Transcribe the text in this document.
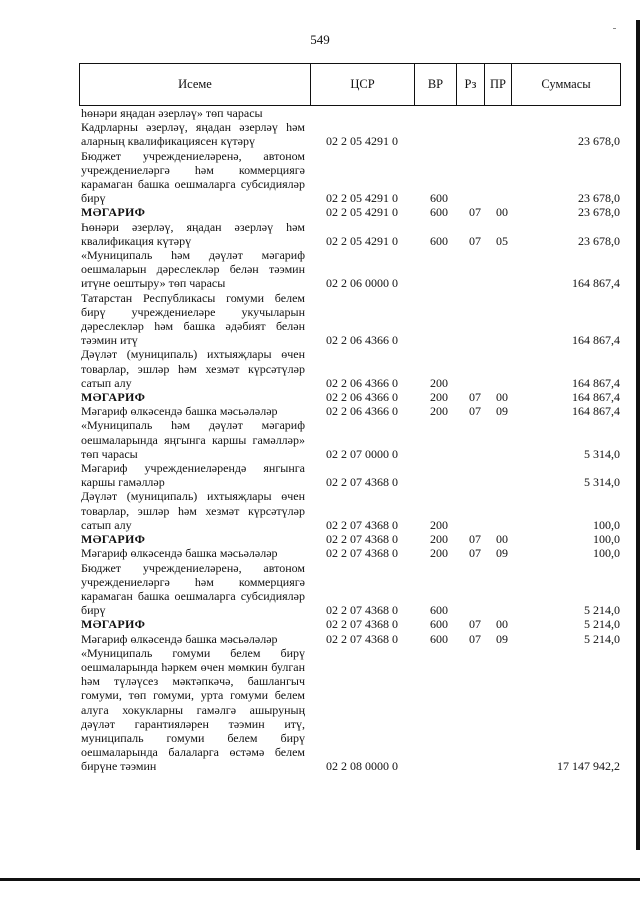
549
Исеме	ЦСР	ВР	Рз	ПР	Суммасы
һөнәри яңадан әзерләү» төп чарасы
Кадрларны әзерләү, яңадан әзерләү һәм аларның квалификациясен күтәрү	02 2 05 4291 0	23 678,0
Бюджет учреждениеләренә, автоном учреждениеләргә һәм коммерциягә карамаган башка оешмаларга субсидияләр бирү	02 2 05 4291 0	600	23 678,0
МӘГАРИФ	02 2 05 4291 0	600 07 00	23 678,0
Һөнәри әзерләү, яңадан әзерләү һәм квалификация күтәрү	02 2 05 4291 0	600 07 05	23 678,0
«Муниципаль һәм дәүләт мәгариф оешмаларын дәреслекләр белән тәэмин итүне оештыру» төп чарасы	02 2 06 0000 0	164 867,4
Татарстан Республикасы гомуми белем бирү учреждениеләре укучыларын дәреслекләр һәм башка әдәбият белән тәэмин итү	02 2 06 4366 0	164 867,4
Дәүләт (муниципаль) ихтыяҗлары өчен товарлар, эшләр һәм хезмәт күрсәтүләр сатып алу	02 2 06 4366 0	200	164 867,4
МӘГАРИФ	02 2 06 4366 0	200 07 00	164 867,4
Мәгариф өлкәсендә башка мәсьәләләр	02 2 06 4366 0	200 07 09	164 867,4
«Муниципаль һәм дәүләт мәгариф оешмаларында яңгынга каршы гамәлләр» төп чарасы	02 2 07 0000 0	5 314,0
Мәгариф учреждениеләрендә янгынга каршы гамәлләр	02 2 07 4368 0	5 314,0
Дәүләт (муниципаль) ихтыяҗлары өчен товарлар, эшләр һәм хезмәт күрсәтүләр сатып алу	02 2 07 4368 0	200	100,0
МӘГАРИФ	02 2 07 4368 0	200 07 00	100,0
Мәгариф өлкәсендә башка мәсьәләләр	02 2 07 4368 0	200 07 09	100,0
Бюджет учреждениеләренә, автоном учреждениеләргә һәм коммерциягә карамаган башка оешмаларга субсидияләр бирү	02 2 07 4368 0	600	5 214,0
МӘГАРИФ	02 2 07 4368 0	600 07 00	5 214,0
Мәгариф өлкәсендә башка мәсьәләләр	02 2 07 4368 0	600 07 09	5 214,0
«Муниципаль гомуми белем бирү оешмаларында һәркем өчен мөмкин булган һәм түләүсез мәктәпкәчә, башлангыч гомуми, төп гомуми, урта гомуми белем алуга хокукларны гамәлгә ашыруның дәүләт гарантияләрен тәэмин итү, муниципаль гомуми белем бирү оешмаларында балаларга өстәмә белем бирүне тәэмин	02 2 08 0000 0	17 147 942,2
